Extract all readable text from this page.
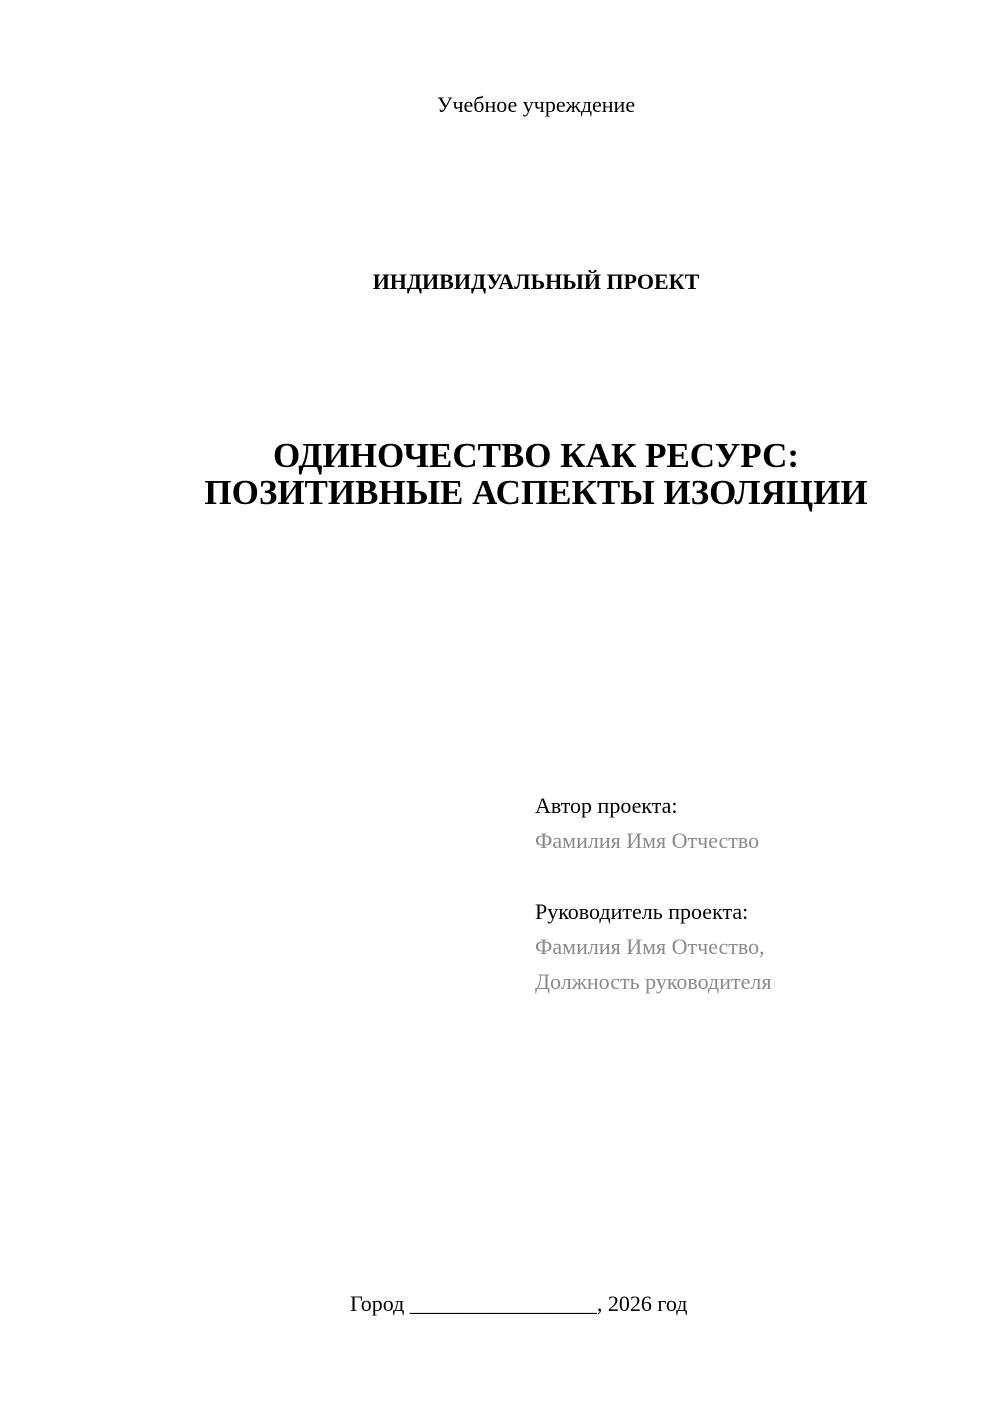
Учебное учреждение
ИНДИВИДУАЛЬНЫЙ ПРОЕКТ
ОДИНОЧЕСТВО КАК РЕСУРС:
ПОЗИТИВНЫЕ АСПЕКТЫ ИЗОЛЯЦИИ
Автор проекта:
Фамилия Имя Отчество
Руководитель проекта:
Фамилия Имя Отчество,
Должность руководителя
Город _________________, 2026 год
